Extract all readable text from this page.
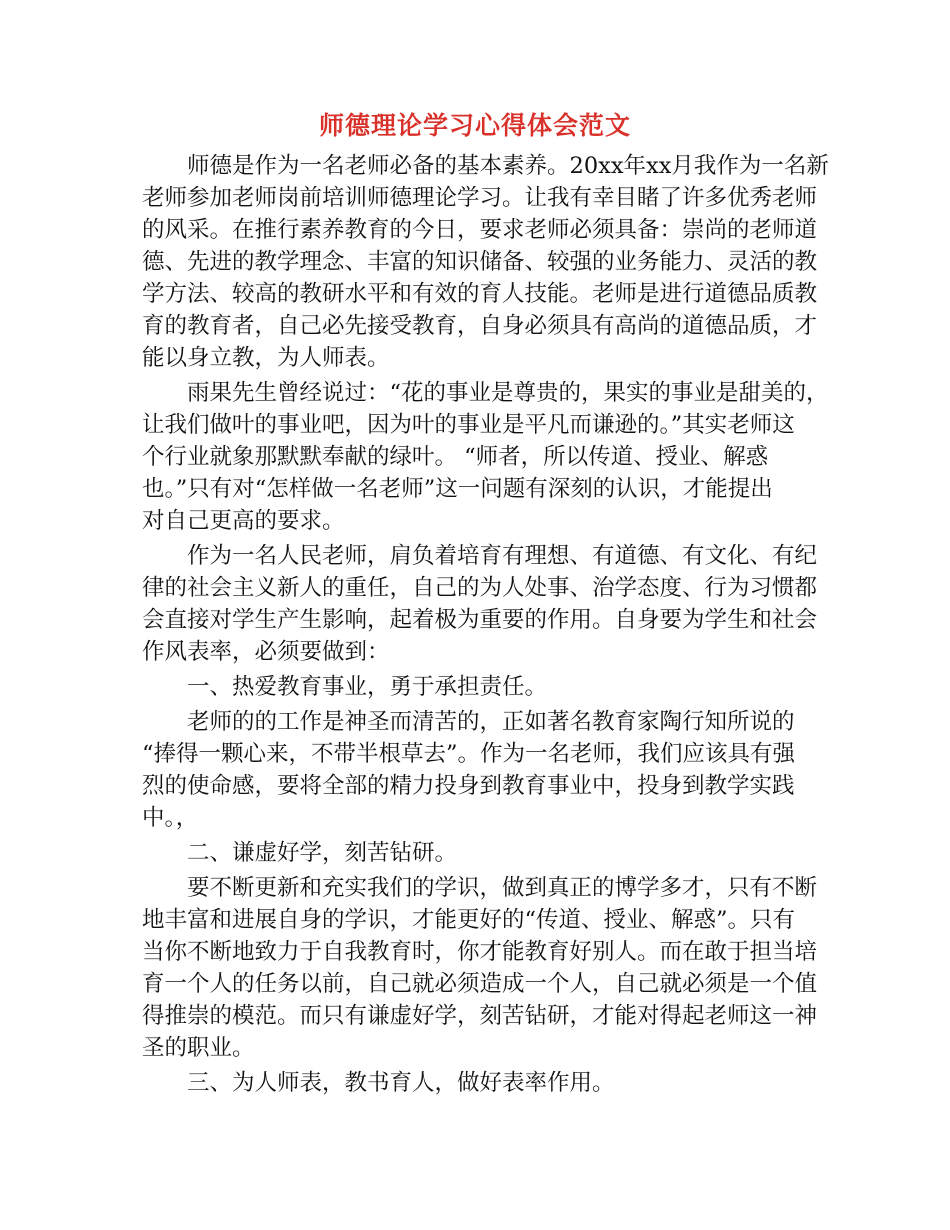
师德理论学习心得体会范文
师德是作为一名老师必备的基本素养。20xx年xx月我作为一名新
老师参加老师岗前培训师德理论学习。让我有幸目睹了许多优秀老师
的风采。在推行素养教育的今日，要求老师必须具备：崇尚的老师道
德、先进的教学理念、丰富的知识储备、较强的业务能力、灵活的教
学方法、较高的教研水平和有效的育人技能。老师是进行道德品质教
育的教育者，自己必先接受教育，自身必须具有高尚的道德品质，才
能以身立教，为人师表。
雨果先生曾经说过：“花的事业是尊贵的，果实的事业是甜美的，
让我们做叶的事业吧，因为叶的事业是平凡而谦逊的。”其实老师这
个行业就象那默默奉献的绿叶。 “师者，所以传道、授业、解惑
也。”只有对“怎样做一名老师”这一问题有深刻的认识，才能提出
对自己更高的要求。
作为一名人民老师，肩负着培育有理想、有道德、有文化、有纪
律的社会主义新人的重任，自己的为人处事、治学态度、行为习惯都
会直接对学生产生影响，起着极为重要的作用。自身要为学生和社会
作风表率，必须要做到：
一、热爱教育事业，勇于承担责任。
老师的的工作是神圣而清苦的，正如著名教育家陶行知所说的
“捧得一颗心来，不带半根草去”。作为一名老师，我们应该具有强
烈的使命感，要将全部的精力投身到教育事业中，投身到教学实践
中。，
二、谦虚好学，刻苦钻研。
要不断更新和充实我们的学识，做到真正的博学多才，只有不断
地丰富和进展自身的学识，才能更好的“传道、授业、解惑”。只有
当你不断地致力于自我教育时，你才能教育好别人。而在敢于担当培
育一个人的任务以前，自己就必须造成一个人，自己就必须是一个值
得推崇的模范。而只有谦虚好学，刻苦钻研，才能对得起老师这一神
圣的职业。
三、为人师表，教书育人，做好表率作用。
